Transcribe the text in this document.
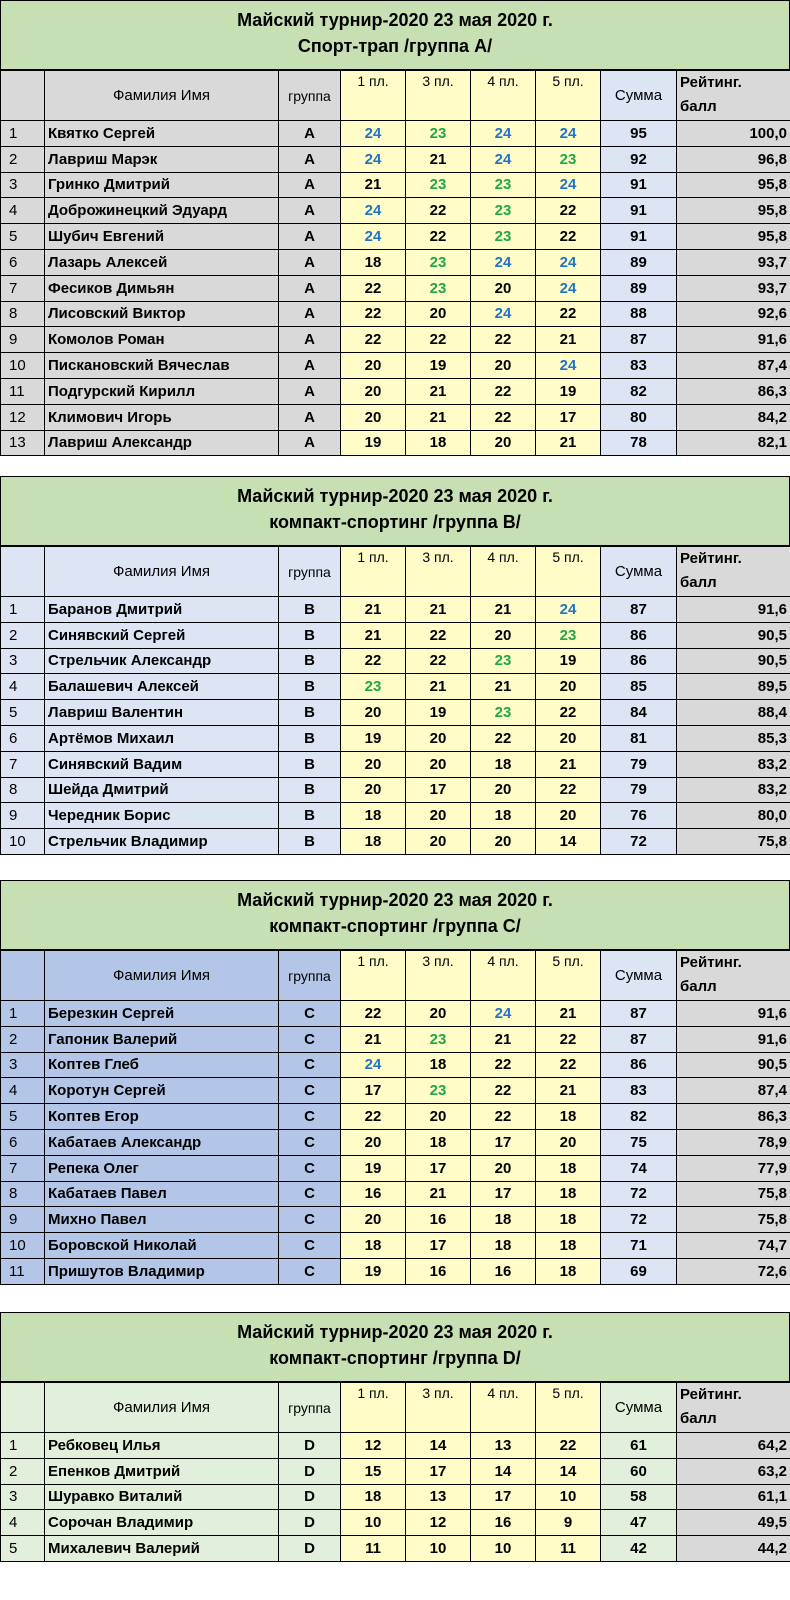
Майский турнир-2020 23 мая 2020 г.
Спорт-трап /группа А/
	Фамилия Имя	группа	1 пл.	3 пл.	4 пл.	5 пл.	Сумма	Рейтинг.
балл

1	Квятко Сергей	А	24	23	24	24	95	100,0
2	Лавриш Марэк	А	24	21	24	23	92	96,8
3	Гринко Дмитрий	А	21	23	23	24	91	95,8
4	Доброжинецкий Эдуард	А	24	22	23	22	91	95,8
5	Шубич Евгений	А	24	22	23	22	91	95,8
6	Лазарь Алексей	А	18	23	24	24	89	93,7
7	Фесиков Димьян	А	22	23	20	24	89	93,7
8	Лисовский Виктор	А	22	20	24	22	88	92,6
9	Комолов Роман	А	22	22	22	21	87	91,6
10	Пискановский Вячеслав	А	20	19	20	24	83	87,4
11	Подгурский Кирилл	А	20	21	22	19	82	86,3
12	Климович Игорь	А	20	21	22	17	80	84,2
13	Лавриш Александр	А	19	18	20	21	78	82,1
Майский турнир-2020 23 мая 2020 г.
компакт-спортинг /группа В/
	Фамилия Имя	группа	1 пл.	3 пл.	4 пл.	5 пл.	Сумма	Рейтинг.
балл

1	Баранов Дмитрий	В	21	21	21	24	87	91,6
2	Синявский Сергей	В	21	22	20	23	86	90,5
3	Стрельчик Александр	В	22	22	23	19	86	90,5
4	Балашевич Алексей	В	23	21	21	20	85	89,5
5	Лавриш Валентин	В	20	19	23	22	84	88,4
6	Артёмов Михаил	В	19	20	22	20	81	85,3
7	Синявский Вадим	В	20	20	18	21	79	83,2
8	Шейда Дмитрий	В	20	17	20	22	79	83,2
9	Чередник Борис	В	18	20	18	20	76	80,0
10	Стрельчик Владимир	В	18	20	20	14	72	75,8
Майский турнир-2020 23 мая 2020 г.
компакт-спортинг /группа С/
	Фамилия Имя	группа	1 пл.	3 пл.	4 пл.	5 пл.	Сумма	Рейтинг.
балл

1	Березкин Сергей	С	22	20	24	21	87	91,6
2	Гапоник Валерий	С	21	23	21	22	87	91,6
3	Коптев Глеб	С	24	18	22	22	86	90,5
4	Коротун Сергей	С	17	23	22	21	83	87,4
5	Коптев Егор	С	22	20	22	18	82	86,3
6	Кабатаев Александр	С	20	18	17	20	75	78,9
7	Репека Олег	С	19	17	20	18	74	77,9
8	Кабатаев Павел	С	16	21	17	18	72	75,8
9	Михно Павел	С	20	16	18	18	72	75,8
10	Боровской Николай	С	18	17	18	18	71	74,7
11	Пришутов Владимир	С	19	16	16	18	69	72,6
Майский турнир-2020 23 мая 2020 г.
компакт-спортинг /группа D/
	Фамилия Имя	группа	1 пл.	3 пл.	4 пл.	5 пл.	Сумма	Рейтинг.
балл

1	Ребковец Илья	D	12	14	13	22	61	64,2
2	Епенков Дмитрий	D	15	17	14	14	60	63,2
3	Шуравко Виталий	D	18	13	17	10	58	61,1
4	Сорочан Владимир	D	10	12	16	9	47	49,5
5	Михалевич Валерий	D	11	10	10	11	42	44,2
